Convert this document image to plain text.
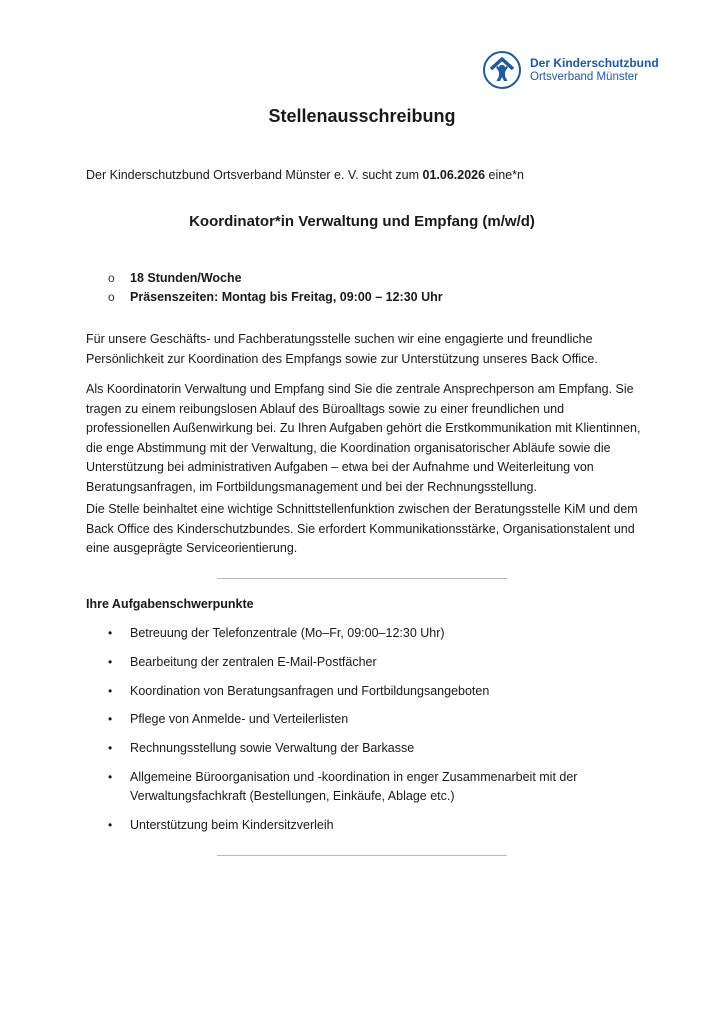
Der Kinderschutzbund
Ortsverband Münster
Stellenausschreibung
Der Kinderschutzbund Ortsverband Münster e. V. sucht zum 01.06.2026 eine*n
Koordinator*in Verwaltung und Empfang (m/w/d)
o	18 Stunden/Woche
o	Präsenszeiten: Montag bis Freitag, 09:00 – 12:30 Uhr

Für unsere Geschäfts- und Fachberatungsstelle suchen wir eine engagierte und freundliche Persönlichkeit zur Koordination des Empfangs sowie zur Unterstützung unseres Back Office.

Als Koordinatorin Verwaltung und Empfang sind Sie die zentrale Ansprechperson am Empfang. Sie tragen zu einem reibungslosen Ablauf des Büroalltags sowie zu einer freundlichen und professionellen Außenwirkung bei. Zu Ihren Aufgaben gehört die Erstkommunikation mit Klientinnen, die enge Abstimmung mit der Verwaltung, die Koordination organisatorischer Abläufe sowie die Unterstützung bei administrativen Aufgaben – etwa bei der Aufnahme und Weiterleitung von Beratungsanfragen, im Fortbildungsmanagement und bei der Rechnungsstellung.

Die Stelle beinhaltet eine wichtige Schnittstellenfunktion zwischen der Beratungsstelle KiM und dem Back Office des Kinderschutzbundes. Sie erfordert Kommunikationsstärke, Organisationstalent und eine ausgeprägte Serviceorientierung.

Ihre Aufgabenschwerpunkte
•	Betreuung der Telefonzentrale (Mo–Fr, 09:00–12:30 Uhr)
•	Bearbeitung der zentralen E-Mail-Postfächer
•	Koordination von Beratungsanfragen und Fortbildungsangeboten
•	Pflege von Anmelde- und Verteilerlisten
•	Rechnungsstellung sowie Verwaltung der Barkasse
•	Allgemeine Büroorganisation und -koordination in enger Zusammenarbeit mit der Verwaltungsfachkraft (Bestellungen, Einkäufe, Ablage etc.)
•	Unterstützung beim Kindersitzverleih
